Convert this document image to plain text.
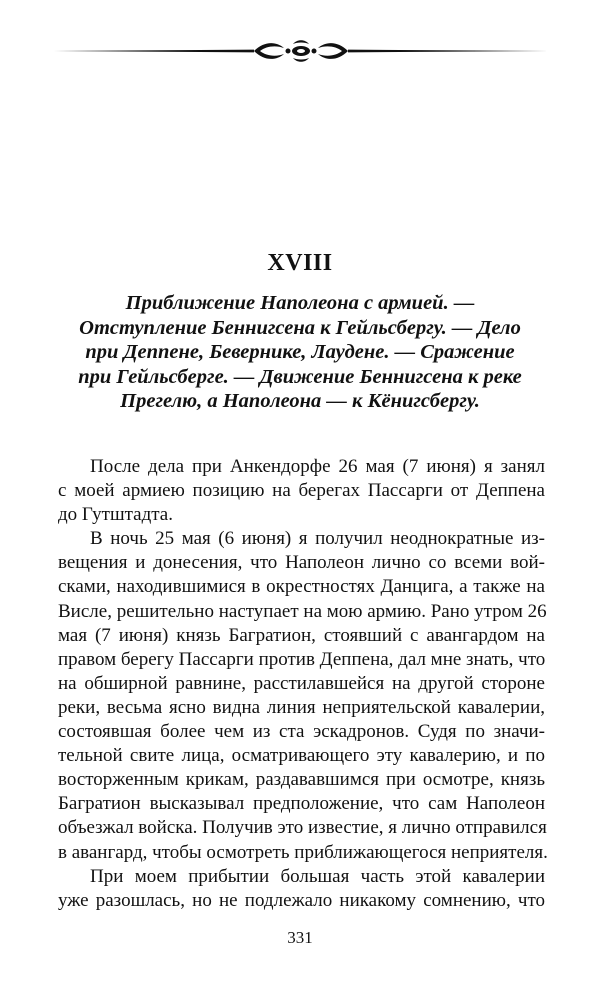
XVIII
Приближение Наполеона с армией. —
Отступление Беннигсена к Гейльсбергу. — Дело
при Деппене, Бевернике, Лаудене. — Сражение
при Гейльсберге. — Движение Беннигсена к реке
Прегелю, а Наполеона — к Кёнигсбергу.
После дела при Анкендорфе 26 мая (7 июня) я занял
с моей армиею позицию на берегах Пассарги от Деппена
до Гутштадта.
В ночь 25 мая (6 июня) я получил неоднократные из-
вещения и донесения, что Наполеон лично со всеми вой-
сками, находившимися в окрестностях Данцига, а также на
Висле, решительно наступает на мою армию. Рано утром 26
мая (7 июня) князь Багратион, стоявший с авангардом на
правом берегу Пассарги против Деппена, дал мне знать, что
на обширной равнине, расстилавшейся на другой стороне
реки, весьма ясно видна линия неприятельской кавалерии,
состоявшая более чем из ста эскадронов. Судя по значи-
тельной свите лица, осматривающего эту кавалерию, и по
восторженным крикам, раздававшимся при осмотре, князь
Багратион высказывал предположение, что сам Наполеон
объезжал войска. Получив это известие, я лично отправился
в авангард, чтобы осмотреть приближающегося неприятеля.
При моем прибытии большая часть этой кавалерии
уже разошлась, но не подлежало никакому сомнению, что
331
